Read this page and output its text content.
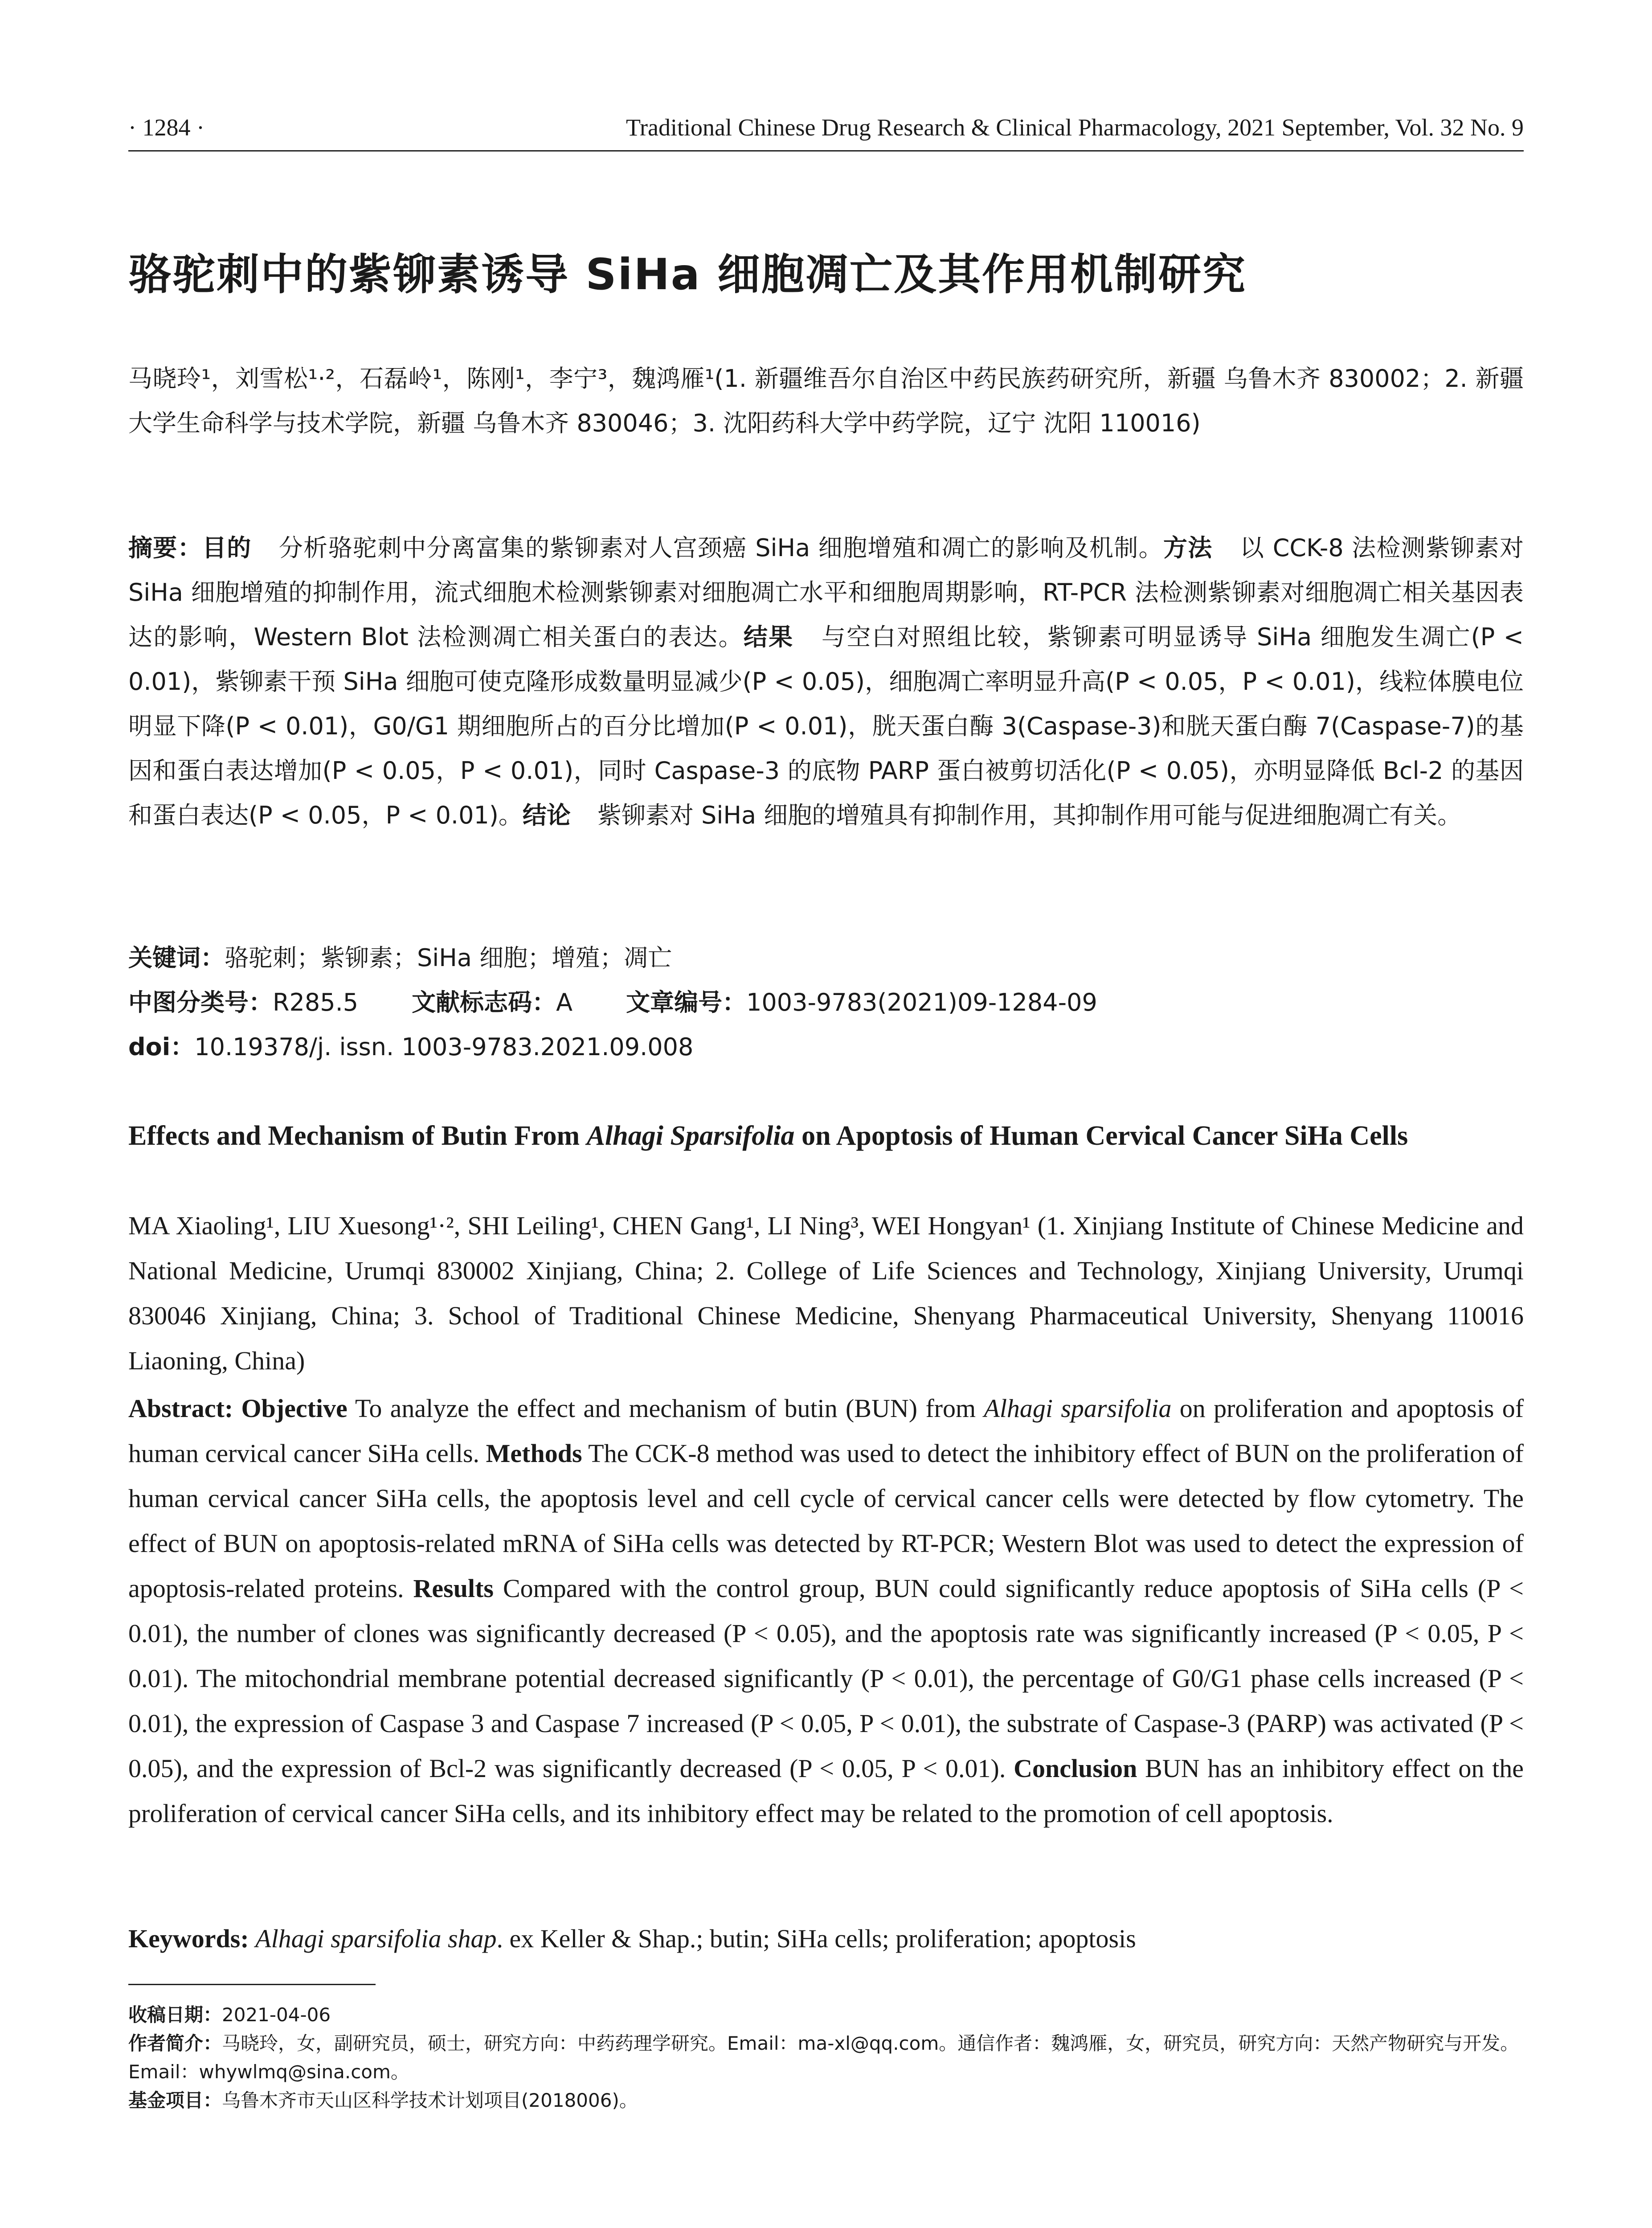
· 1284 ·	Traditional Chinese Drug Research & Clinical Pharmacology, 2021 September, Vol. 32 No. 9
骆驼刺中的紫铆素诱导 SiHa 细胞凋亡及其作用机制研究
马晓玲¹，刘雪松¹·²，石磊岭¹，陈刚¹，李宁³，魏鸿雁¹(1. 新疆维吾尔自治区中药民族药研究所，新疆 乌鲁木齐 830002；2. 新疆大学生命科学与技术学院，新疆 乌鲁木齐 830046；3. 沈阳药科大学中药学院，辽宁 沈阳 110016)
摘要：目的 分析骆驼刺中分离富集的紫铆素对人宫颈癌 SiHa 细胞增殖和凋亡的影响及机制。方法 以 CCK-8 法检测紫铆素对 SiHa 细胞增殖的抑制作用，流式细胞术检测紫铆素对细胞凋亡水平和细胞周期影响，RT-PCR 法检测紫铆素对细胞凋亡相关基因表达的影响，Western Blot 法检测凋亡相关蛋白的表达。结果 与空白对照组比较，紫铆素可明显诱导 SiHa 细胞发生凋亡(P < 0.01)，紫铆素干预 SiHa 细胞可使克隆形成数量明显减少(P < 0.05)，细胞凋亡率明显升高(P < 0.05，P < 0.01)，线粒体膜电位明显下降(P < 0.01)，G0/G1 期细胞所占的百分比增加(P < 0.01)，胱天蛋白酶 3(Caspase-3)和胱天蛋白酶 7(Caspase-7)的基因和蛋白表达增加(P < 0.05，P < 0.01)，同时 Caspase-3 的底物 PARP 蛋白被剪切活化(P < 0.05)，亦明显降低 Bcl-2 的基因和蛋白表达(P < 0.05，P < 0.01)。结论 紫铆素对 SiHa 细胞的增殖具有抑制作用，其抑制作用可能与促进细胞凋亡有关。
关键词：骆驼刺；紫铆素；SiHa 细胞；增殖；凋亡
中图分类号：R285.5 文献标志码：A 文章编号：1003-9783(2021)09-1284-09
doi：10.19378/j. issn. 1003-9783.2021.09.008
Effects and Mechanism of Butin From Alhagi Sparsifolia on Apoptosis of Human Cervical Cancer SiHa Cells
MA Xiaoling¹, LIU Xuesong¹·², SHI Leiling¹, CHEN Gang¹, LI Ning³, WEI Hongyan¹ (1. Xinjiang Institute of Chinese Medicine and National Medicine, Urumqi 830002 Xinjiang, China; 2. College of Life Sciences and Technology, Xinjiang University, Urumqi 830046 Xinjiang, China; 3. School of Traditional Chinese Medicine, Shenyang Pharmaceutical University, Shenyang 110016 Liaoning, China)
Abstract: Objective To analyze the effect and mechanism of butin (BUN) from Alhagi sparsifolia on proliferation and apoptosis of human cervical cancer SiHa cells. Methods The CCK-8 method was used to detect the inhibitory effect of BUN on the proliferation of human cervical cancer SiHa cells, the apoptosis level and cell cycle of cervical cancer cells were detected by flow cytometry. The effect of BUN on apoptosis-related mRNA of SiHa cells was detected by RT-PCR; Western Blot was used to detect the expression of apoptosis-related proteins. Results Compared with the control group, BUN could significantly reduce apoptosis of SiHa cells (P < 0.01), the number of clones was significantly decreased (P < 0.05), and the apoptosis rate was significantly increased (P < 0.05, P < 0.01). The mitochondrial membrane potential decreased significantly (P < 0.01), the percentage of G0/G1 phase cells increased (P < 0.01), the expression of Caspase 3 and Caspase 7 increased (P < 0.05, P < 0.01), the substrate of Caspase-3 (PARP) was activated (P < 0.05), and the expression of Bcl-2 was significantly decreased (P < 0.05, P < 0.01). Conclusion BUN has an inhibitory effect on the proliferation of cervical cancer SiHa cells, and its inhibitory effect may be related to the promotion of cell apoptosis.
Keywords: Alhagi sparsifolia shap. ex Keller & Shap.; butin; SiHa cells; proliferation; apoptosis
收稿日期：2021-04-06
作者简介：马晓玲，女，副研究员，硕士，研究方向：中药药理学研究。Email：ma-xl@qq.com。通信作者：魏鸿雁，女，研究员，研究方向：天然产物研究与开发。Email：whywlmq@sina.com。
基金项目：乌鲁木齐市天山区科学技术计划项目(2018006)。
